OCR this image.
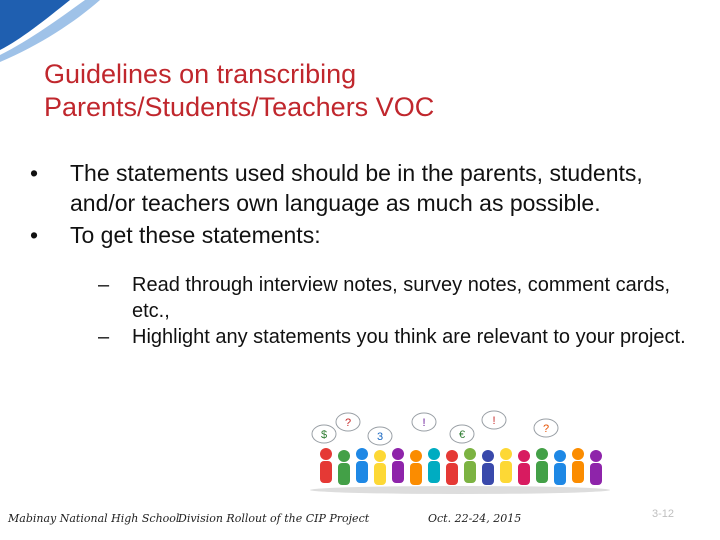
Guidelines on transcribing
Parents/Students/Teachers VOC
• The statements used should be in the parents, students, and/or teachers own language as much as possible.
• To get these statements:
– Read through interview notes, survey notes, comment cards, etc.,
– Highlight any statements you think are relevant to your project.
$
?
3
!
€
!
?
Mabinay National High School
Division Rollout of the CIP Project	Oct. 22-24, 2015	3-12
